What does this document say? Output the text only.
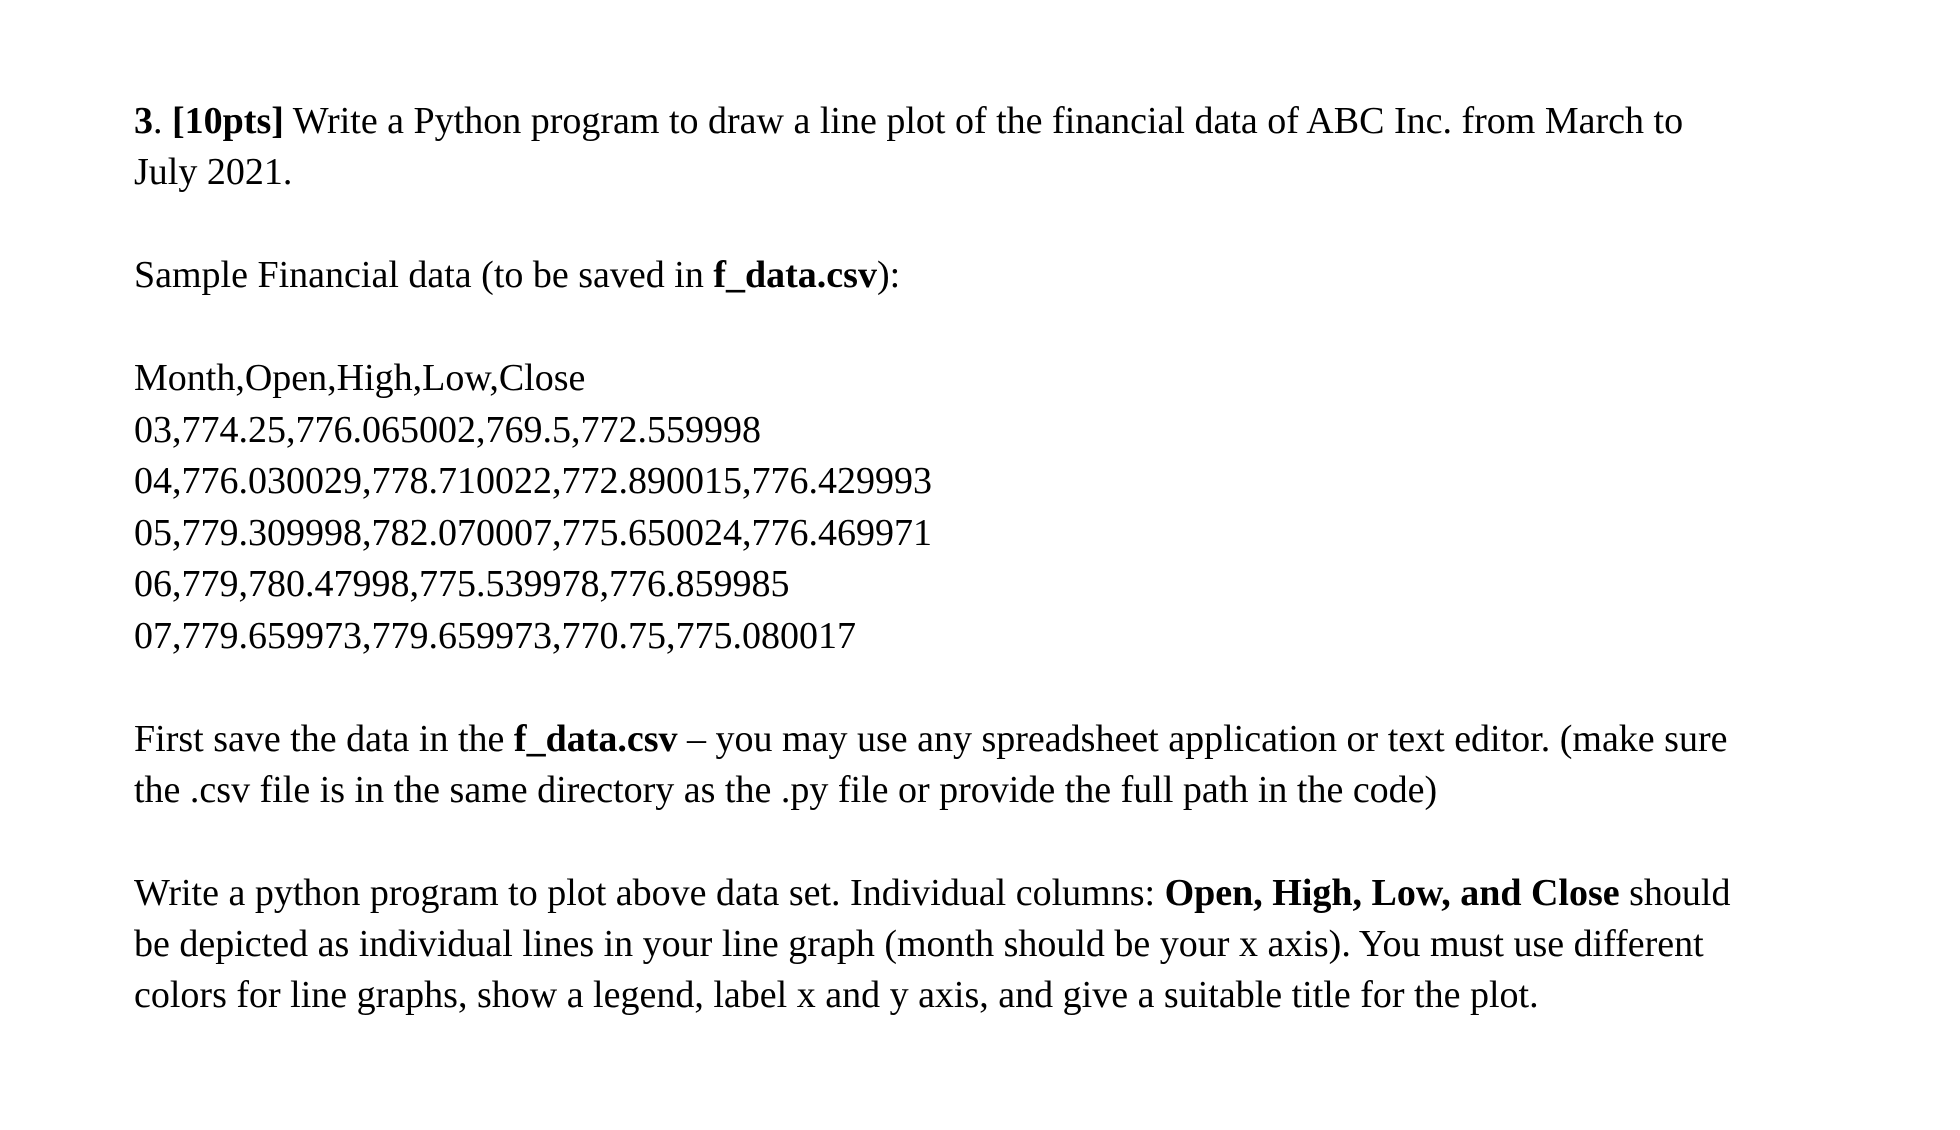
3. [10pts] Write a Python program to draw a line plot of the financial data of ABC Inc. from March to

July 2021.

Sample Financial data (to be saved in f_data.csv):

Month,Open,High,Low,Close

03,774.25,776.065002,769.5,772.559998

04,776.030029,778.710022,772.890015,776.429993

05,779.309998,782.070007,775.650024,776.469971

06,779,780.47998,775.539978,776.859985

07,779.659973,779.659973,770.75,775.080017

First save the data in the f_data.csv – you may use any spreadsheet application or text editor. (make sure

the .csv file is in the same directory as the .py file or provide the full path in the code)

Write a python program to plot above data set. Individual columns: Open, High, Low, and Close should

be depicted as individual lines in your line graph (month should be your x axis). You must use different

colors for line graphs, show a legend, label x and y axis, and give a suitable title for the plot.
